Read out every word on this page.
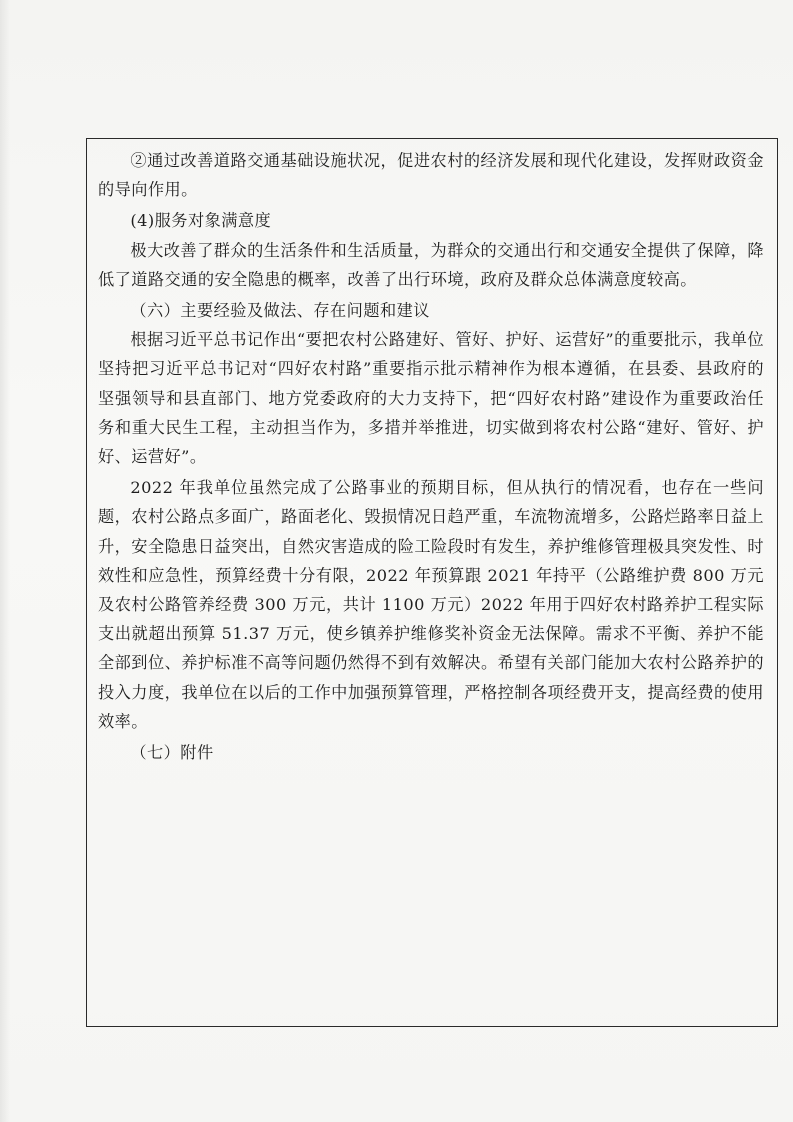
②通过改善道路交通基础设施状况，促进农村的经济发展和现代化建设，发挥财政资金的导向作用。

(4)服务对象满意度

极大改善了群众的生活条件和生活质量，为群众的交通出行和交通安全提供了保障，降低了道路交通的安全隐患的概率，改善了出行环境，政府及群众总体满意度较高。

（六）主要经验及做法、存在问题和建议

根据习近平总书记作出“要把农村公路建好、管好、护好、运营好”的重要批示，我单位坚持把习近平总书记对“四好农村路”重要指示批示精神作为根本遵循，在县委、县政府的坚强领导和县直部门、地方党委政府的大力支持下，把“四好农村路”建设作为重要政治任务和重大民生工程，主动担当作为，多措并举推进，切实做到将农村公路“建好、管好、护好、运营好”。

2022 年我单位虽然完成了公路事业的预期目标，但从执行的情况看，也存在一些问题，农村公路点多面广，路面老化、毁损情况日趋严重，车流物流增多，公路烂路率日益上升，安全隐患日益突出，自然灾害造成的险工险段时有发生，养护维修管理极具突发性、时效性和应急性，预算经费十分有限，2022 年预算跟 2021 年持平（公路维护费 800 万元及农村公路管养经费 300 万元，共计 1100 万元）2022 年用于四好农村路养护工程实际支出就超出预算 51.37 万元，使乡镇养护维修奖补资金无法保障。需求不平衡、养护不能全部到位、养护标准不高等问题仍然得不到有效解决。希望有关部门能加大农村公路养护的投入力度，我单位在以后的工作中加强预算管理，严格控制各项经费开支，提高经费的使用效率。

（七）附件
